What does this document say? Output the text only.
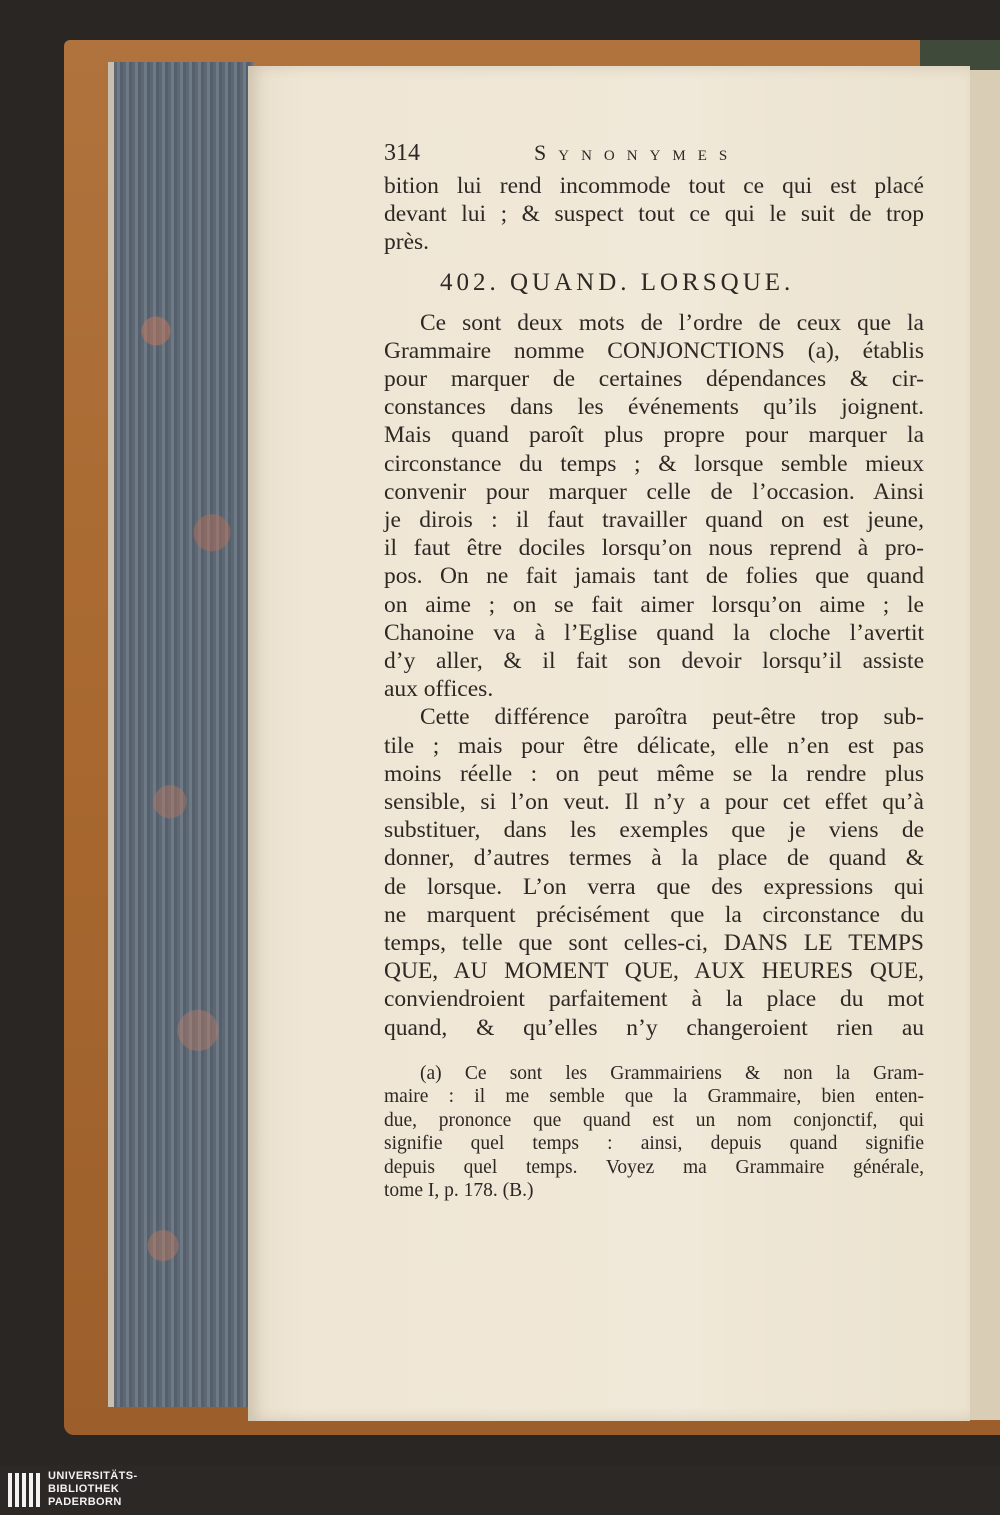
314	Synonymes
bition lui rend incommode tout ce qui est placé
devant lui ; & suspect tout ce qui le suit de trop
près.
402. QUAND. LORSQUE.
Ce sont deux mots de l’ordre de ceux que la
Grammaire nomme CONJONCTIONS (a), établis
pour marquer de certaines dépendances & cir-
constances dans les événements qu’ils joignent.
Mais quand paroît plus propre pour marquer la
circonstance du temps ; & lorsque semble mieux
convenir pour marquer celle de l’occasion. Ainsi
je dirois : il faut travailler quand on est jeune,
il faut être dociles lorsqu’on nous reprend à pro-
pos. On ne fait jamais tant de folies que quand
on aime ; on se fait aimer lorsqu’on aime ; le
Chanoine va à l’Eglise quand la cloche l’avertit
d’y aller, & il fait son devoir lorsqu’il assiste
aux offices.
Cette différence paroîtra peut-être trop sub-
tile ; mais pour être délicate, elle n’en est pas
moins réelle : on peut même se la rendre plus
sensible, si l’on veut. Il n’y a pour cet effet qu’à
substituer, dans les exemples que je viens de
donner, d’autres termes à la place de quand &
de lorsque. L’on verra que des expressions qui
ne marquent précisément que la circonstance du
temps, telle que sont celles-ci, DANS LE TEMPS
QUE, AU MOMENT QUE, AUX HEURES QUE,
conviendroient parfaitement à la place du mot
quand, & qu’elles n’y changeroient rien au
(a) Ce sont les Grammairiens & non la Gram-
maire : il me semble que la Grammaire, bien enten-
due, prononce que quand est un nom conjonctif, qui
signifie quel temps : ainsi, depuis quand signifie
depuis quel temps. Voyez ma Grammaire générale,
tome I, p. 178. (B.)
UNIVERSITÄTS-
BIBLIOTHEK
PADERBORN
